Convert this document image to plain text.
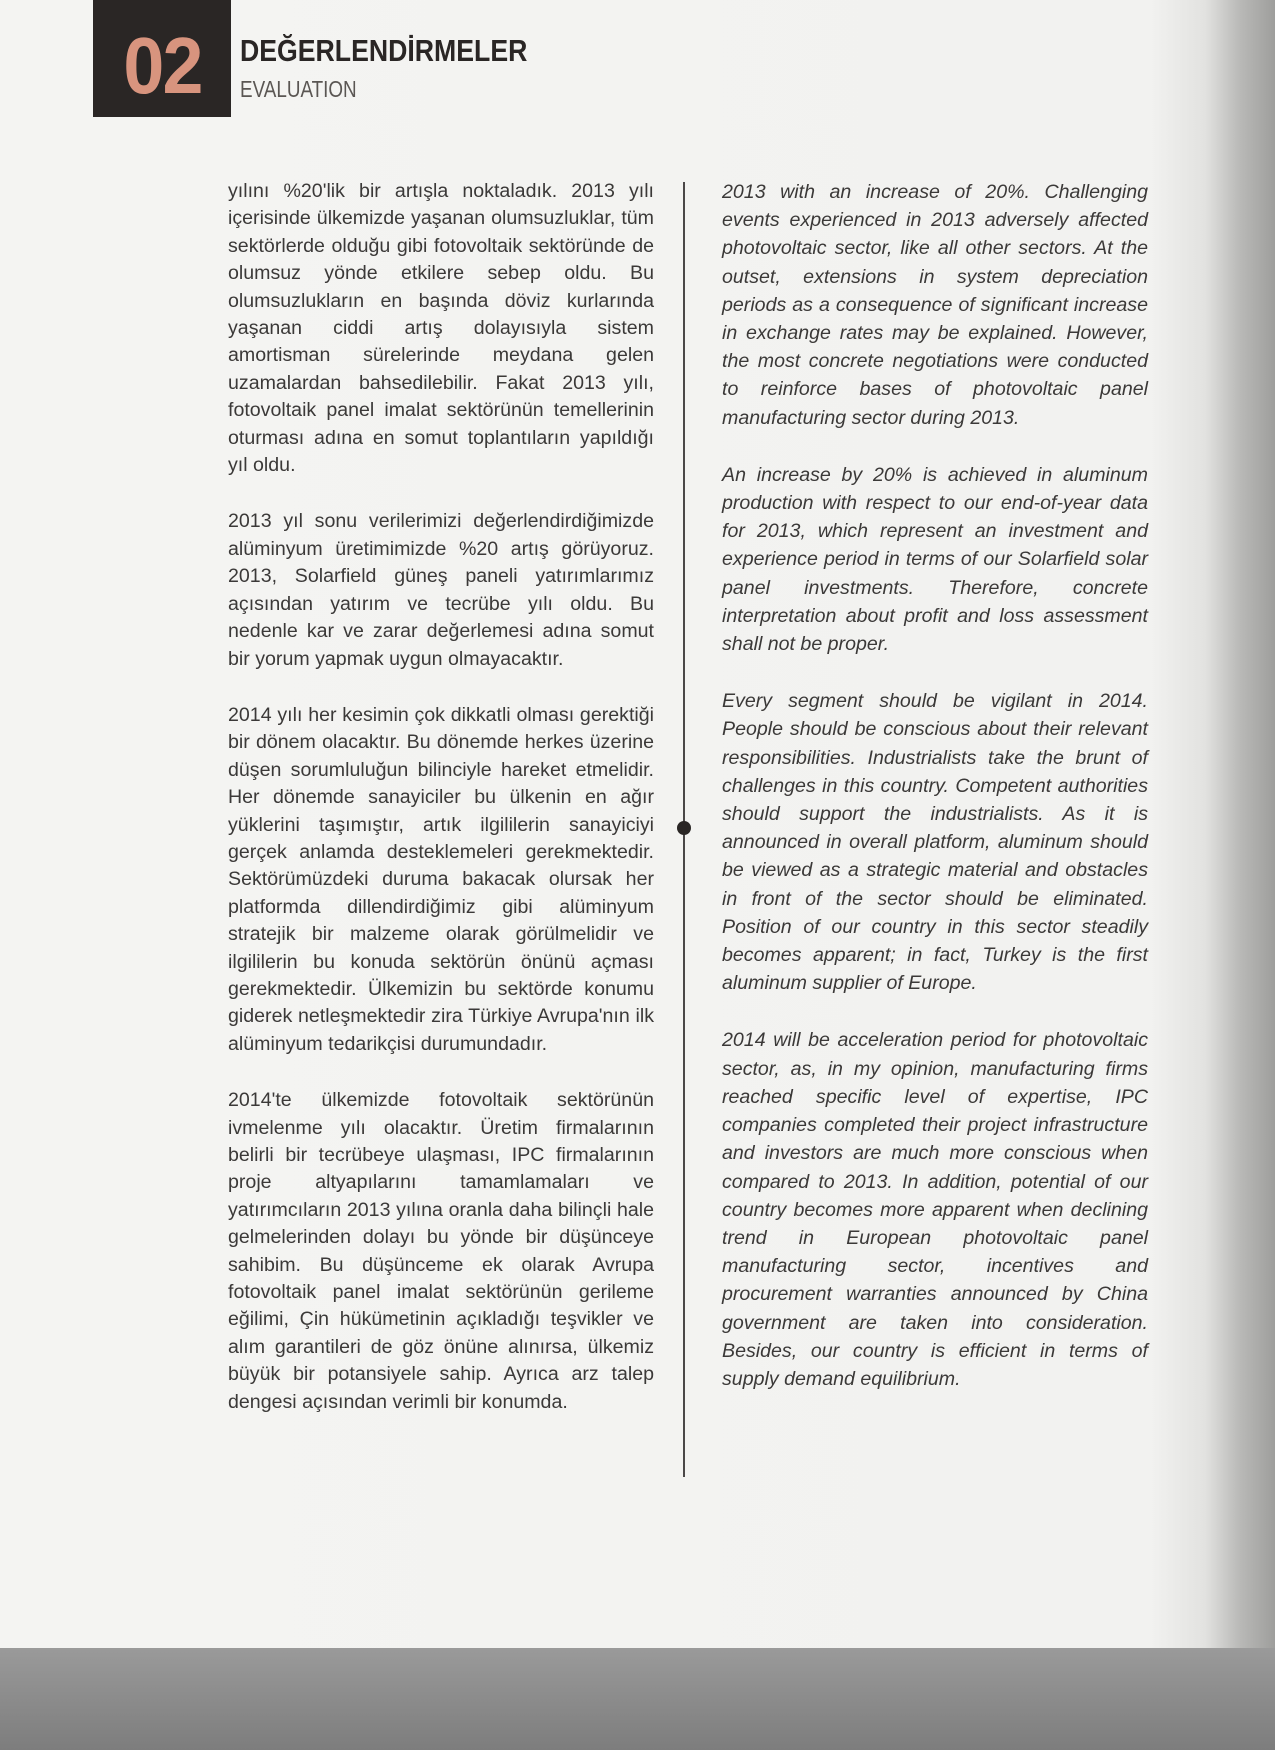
02 DEĞERLENDİRMELER
EVALUATION

yılını %20'lik bir artışla noktaladık. 2013 yılı içerisinde ülkemizde yaşanan olumsuzluklar, tüm sektörlerde olduğu gibi fotovoltaik sektöründe de olumsuz yönde etkilere sebep oldu. Bu olumsuzlukların en başında döviz kurlarında yaşanan ciddi artış dolayısıyla sistem amortisman sürelerinde meydana gelen uzamalardan bahsedilebilir. Fakat 2013 yılı, fotovoltaik panel imalat sektörünün temellerinin oturması adına en somut toplantıların yapıldığı yıl oldu.

2013 yıl sonu verilerimizi değerlendirdiğimizde alüminyum üretimimizde %20 artış görüyoruz. 2013, Solarfield güneş paneli yatırımlarımız açısından yatırım ve tecrübe yılı oldu. Bu nedenle kar ve zarar değerlemesi adına somut bir yorum yapmak uygun olmayacaktır.

2014 yılı her kesimin çok dikkatli olması gerektiği bir dönem olacaktır. Bu dönemde herkes üzerine düşen sorumluluğun bilinciyle hareket etmelidir. Her dönemde sanayiciler bu ülkenin en ağır yüklerini taşımıştır, artık ilgililerin sanayiciyi gerçek anlamda desteklemeleri gerekmektedir. Sektörümüzdeki duruma bakacak olursak her platformda dillendirdiğimiz gibi alüminyum stratejik bir malzeme olarak görülmelidir ve ilgililerin bu konuda sektörün önünü açması gerekmektedir. Ülkemizin bu sektörde konumu giderek netleşmektedir zira Türkiye Avrupa'nın ilk alüminyum tedarikçisi durumundadır.

2014'te ülkemizde fotovoltaik sektörünün ivmelenme yılı olacaktır. Üretim firmalarının belirli bir tecrübeye ulaşması, IPC firmalarının proje altyapılarını tamamlamaları ve yatırımcıların 2013 yılına oranla daha bilinçli hale gelmelerinden dolayı bu yönde bir düşünceye sahibim. Bu düşünceme ek olarak Avrupa fotovoltaik panel imalat sektörünün gerileme eğilimi, Çin hükümetinin açıkladığı teşvikler ve alım garantileri de göz önüne alınırsa, ülkemiz büyük bir potansiyele sahip. Ayrıca arz talep dengesi açısından verimli bir konumda.

2013 with an increase of 20%. Challenging events experienced in 2013 adversely affected photovoltaic sector, like all other sectors. At the outset, extensions in system depreciation periods as a consequence of significant increase in exchange rates may be explained. However, the most concrete negotiations were conducted to reinforce bases of photovoltaic panel manufacturing sector during 2013.

An increase by 20% is achieved in aluminum production with respect to our end-of-year data for 2013, which represent an investment and experience period in terms of our Solarfield solar panel investments. Therefore, concrete interpretation about profit and loss assessment shall not be proper.

Every segment should be vigilant in 2014. People should be conscious about their relevant responsibilities. Industrialists take the brunt of challenges in this country. Competent authorities should support the industrialists. As it is announced in overall platform, aluminum should be viewed as a strategic material and obstacles in front of the sector should be eliminated. Position of our country in this sector steadily becomes apparent; in fact, Turkey is the first aluminum supplier of Europe.

2014 will be acceleration period for photovoltaic sector, as, in my opinion, manufacturing firms reached specific level of expertise, IPC companies completed their project infrastructure and investors are much more conscious when compared to 2013. In addition, potential of our country becomes more apparent when declining trend in European photovoltaic panel manufacturing sector, incentives and procurement warranties announced by China government are taken into consideration. Besides, our country is efficient in terms of supply demand equilibrium.
